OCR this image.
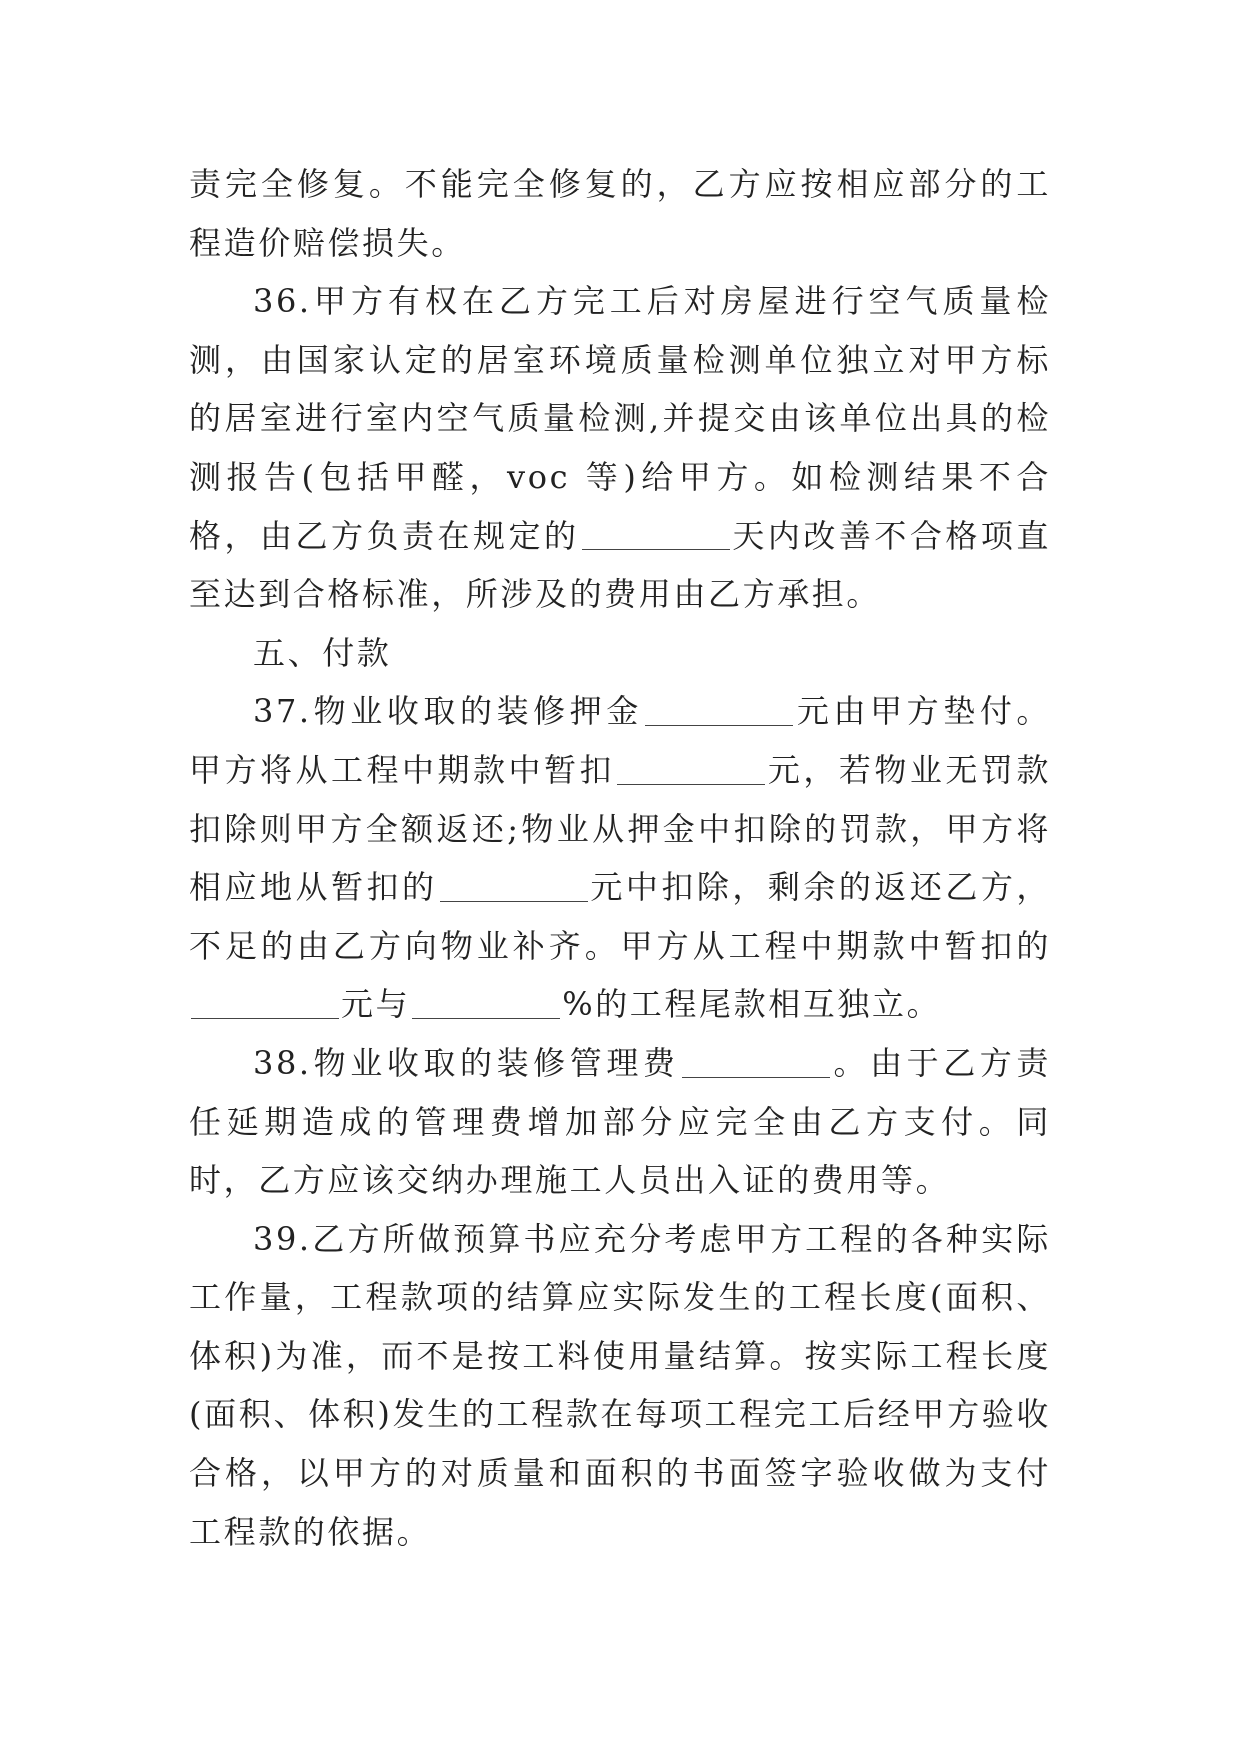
责完全修复。不能完全修复的，乙方应按相应部分的工程造价赔偿损失。

36.甲方有权在乙方完工后对房屋进行空气质量检测，由国家认定的居室环境质量检测单位独立对甲方标的居室进行室内空气质量检测,并提交由该单位出具的检测报告(包括甲醛，voc 等)给甲方。如检测结果不合格，由乙方负责在规定的	天内改善不合格项直至达到合格标准，所涉及的费用由乙方承担。

五、付款

37.物业收取的装修押金	元由甲方垫付。甲方将从工程中期款中暂扣	元，若物业无罚款扣除则甲方全额返还;物业从押金中扣除的罚款，甲方将相应地从暂扣的	元中扣除，剩余的返还乙方，不足的由乙方向物业补齐。甲方从工程中期款中暂扣的元与	%的工程尾款相互独立。

38.物业收取的装修管理费	。由于乙方责任延期造成的管理费增加部分应完全由乙方支付。同时，乙方应该交纳办理施工人员出入证的费用等。

39.乙方所做预算书应充分考虑甲方工程的各种实际工作量，工程款项的结算应实际发生的工程长度(面积、体积)为准，而不是按工料使用量结算。按实际工程长度(面积、体积)发生的工程款在每项工程完工后经甲方验收合格，以甲方的对质量和面积的书面签字验收做为支付工程款的依据。
